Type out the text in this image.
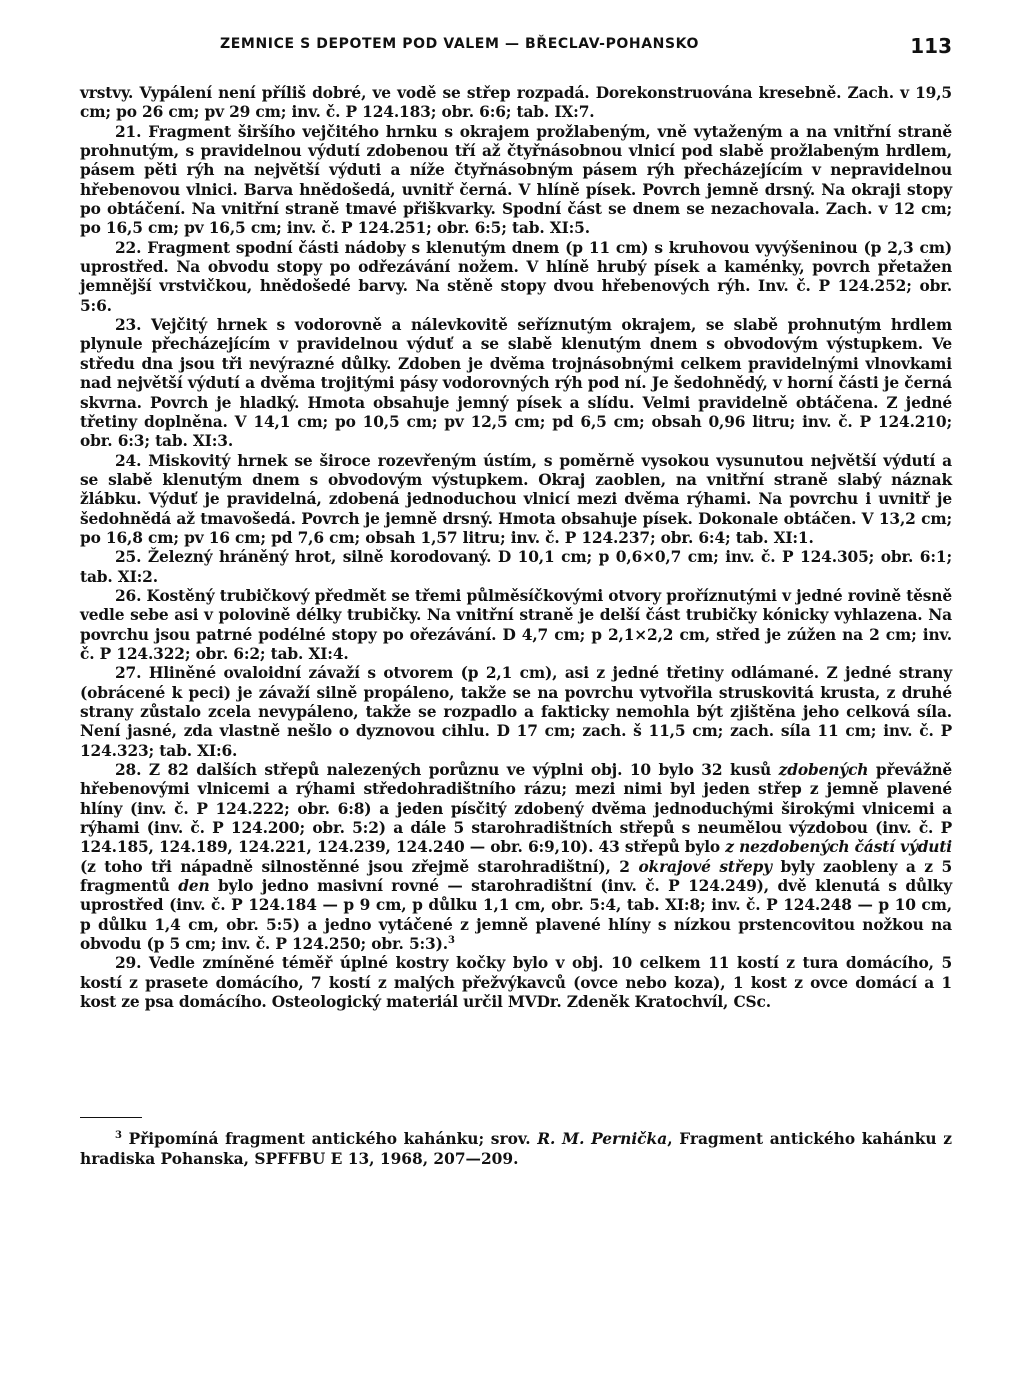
ZEMNICE S DEPOTEM POD VALEM — BŘECLAV-POHANSKO	113

vrstvy. Vypálení není příliš dobré, ve vodě se střep rozpadá. Dorekonstruována kresebně. Zach. v 19,5 cm; po 26 cm; pv 29 cm; inv. č. P 124.183; obr. 6:6; tab. IX:7.

21. Fragment širšího vejčitého hrnku s okrajem prožlabeným, vně vytaženým a na vnitřní straně prohnutým, s pravidelnou výdutí zdobenou tří až čtyřnásobnou vlnicí pod slabě prožlabeným hrdlem, pásem pěti rýh na největší výduti a níže čtyřnásobným pásem rýh přecházejícím v nepravidelnou hřebenovou vlnici. Barva hnědošedá, uvnitř černá. V hlíně písek. Povrch jemně drsný. Na okraji stopy po obtáčení. Na vnitřní straně tmavé přiškvarky. Spodní část se dnem se nezachovala. Zach. v 12 cm; po 16,5 cm; pv 16,5 cm; inv. č. P 124.251; obr. 6:5; tab. XI:5.

22. Fragment spodní části nádoby s klenutým dnem (p 11 cm) s kruhovou vyvýšeninou (p 2,3 cm) uprostřed. Na obvodu stopy po odřezávání nožem. V hlíně hrubý písek a kaménky, povrch přetažen jemnější vrstvičkou, hnědošedé barvy. Na stěně stopy dvou hřebenových rýh. Inv. č. P 124.252; obr. 5:6.

23. Vejčitý hrnek s vodorovně a nálevkovitě seříznutým okrajem, se slabě prohnutým hrdlem plynule přecházejícím v pravidelnou výduť a se slabě klenutým dnem s obvodovým výstupkem. Ve středu dna jsou tři nevýrazné důlky. Zdoben je dvěma trojnásobnými celkem pravidelnými vlnovkami nad největší výdutí a dvěma trojitými pásy vodorovných rýh pod ní. Je šedohnědý, v horní části je černá skvrna. Povrch je hladký. Hmota obsahuje jemný písek a slídu. Velmi pravidelně obtáčena. Z jedné třetiny doplněna. V 14,1 cm; po 10,5 cm; pv 12,5 cm; pd 6,5 cm; obsah 0,96 litru; inv. č. P 124.210; obr. 6:3; tab. XI:3.

24. Miskovitý hrnek se široce rozevřeným ústím, s poměrně vysokou vysunutou největší výdutí a se slabě klenutým dnem s obvodovým výstupkem. Okraj zaoblen, na vnitřní straně slabý náznak žlábku. Výduť je pravidelná, zdobená jednoduchou vlnicí mezi dvěma rýhami. Na povrchu i uvnitř je šedohnědá až tmavošedá. Povrch je jemně drsný. Hmota obsahuje písek. Dokonale obtáčen. V 13,2 cm; po 16,8 cm; pv 16 cm; pd 7,6 cm; obsah 1,57 litru; inv. č. P 124.237; obr. 6:4; tab. XI:1.

25. Železný hráněný hrot, silně korodovaný. D 10,1 cm; p 0,6×0,7 cm; inv. č. P 124.305; obr. 6:1; tab. XI:2.

26. Kostěný trubičkový předmět se třemi půlměsíčkovými otvory proříznutými v jedné rovině těsně vedle sebe asi v polovině délky trubičky. Na vnitřní straně je delší část trubičky kónicky vyhlazena. Na povrchu jsou patrné podélné stopy po ořezávání. D 4,7 cm; p 2,1×2,2 cm, střed je zúžen na 2 cm; inv. č. P 124.322; obr. 6:2; tab. XI:4.

27. Hliněné ovaloidní závaží s otvorem (p 2,1 cm), asi z jedné třetiny odlámané. Z jedné strany (obrácené k peci) je závaží silně propáleno, takže se na povrchu vytvořila struskovitá krusta, z druhé strany zůstalo zcela nevypáleno, takže se rozpadlo a fakticky nemohla být zjištěna jeho celková síla. Není jasné, zda vlastně nešlo o dyznovou cihlu. D 17 cm; zach. š 11,5 cm; zach. síla 11 cm; inv. č. P 124.323; tab. XI:6.

28. Z 82 dalších střepů nalezených porůznu ve výplni obj. 10 bylo 32 kusů zdobených převážně hřebenovými vlnicemi a rýhami středohradištního rázu; mezi nimi byl jeden střep z jemně plavené hlíny (inv. č. P 124.222; obr. 6:8) a jeden písčitý zdobený dvěma jednoduchými širokými vlnicemi a rýhami (inv. č. P 124.200; obr. 5:2) a dále 5 starohradištních střepů s neumělou výzdobou (inv. č. P 124.185, 124.189, 124.221, 124.239, 124.240 — obr. 6:9,10). 43 střepů bylo z nezdobených částí výduti (z toho tři nápadně silnostěnné jsou zřejmě starohradištní), 2 okrajové střepy byly zaobleny a z 5 fragmentů den bylo jedno masivní rovné — starohradištní (inv. č. P 124.249), dvě klenutá s důlky uprostřed (inv. č. P 124.184 — p 9 cm, p důlku 1,1 cm, obr. 5:4, tab. XI:8; inv. č. P 124.248 — p 10 cm, p důlku 1,4 cm, obr. 5:5) a jedno vytáčené z jemně plavené hlíny s nízkou prstencovitou nožkou na obvodu (p 5 cm; inv. č. P 124.250; obr. 5:3).$^3$

29. Vedle zmíněné téměř úplné kostry kočky bylo v obj. 10 celkem 11 kostí z tura domácího, 5 kostí z prasete domácího, 7 kostí z malých přežvýkavců (ovce nebo koza), 1 kost z ovce domácí a 1 kost ze psa domácího. Osteologický materiál určil MVDr. Zdeněk Kratochvíl, CSc.

$^3$ Připomíná fragment antického kahánku; srov. R. M. Pernička, Fragment antického kahánku z hradiska Pohanska, SPFFBU E 13, 1968, 207—209.
